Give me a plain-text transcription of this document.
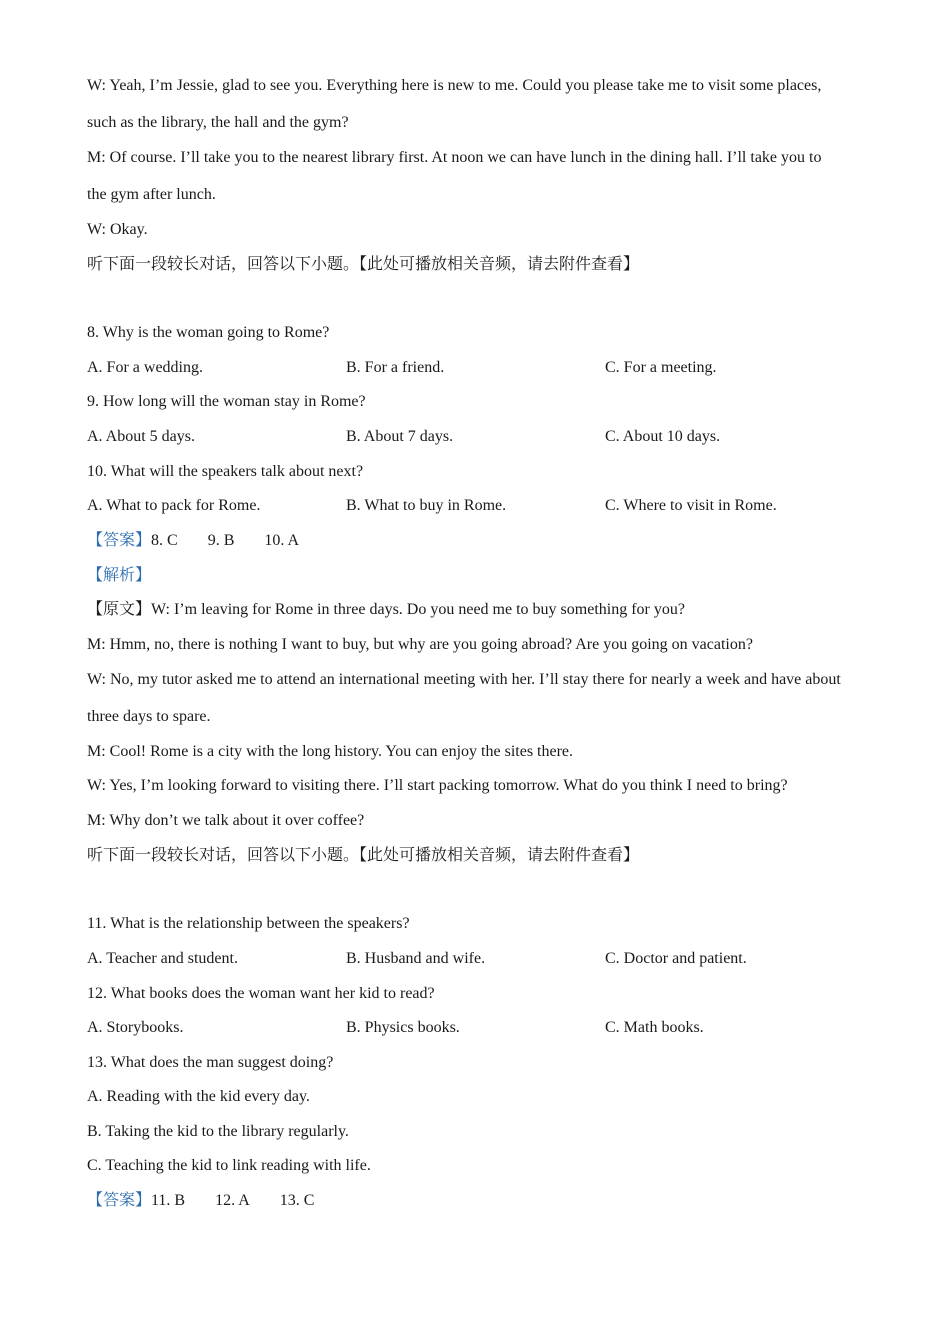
W: Yeah, I’m Jessie, glad to see you. Everything here is new to me. Could you please take me to visit some places,
such as the library, the hall and the gym?
M: Of course. I’ll take you to the nearest library first. At noon we can have lunch in the dining hall. I’ll take you to
the gym after lunch.
W: Okay.
听下面一段较长对话，回答以下小题。【此处可播放相关音频，请去附件查看】
8. Why is the woman going to Rome?
A. For a wedding.	B. For a friend.	C. For a meeting.
9. How long will the woman stay in Rome?
A. About 5 days.	B. About 7 days.	C. About 10 days.
10. What will the speakers talk about next?
A. What to pack for Rome.	B. What to buy in Rome.	C. Where to visit in Rome.
【答案】8. C 9. B 10. A
【解析】
【原文】W: I’m leaving for Rome in three days. Do you need me to buy something for you?
M: Hmm, no, there is nothing I want to buy, but why are you going abroad? Are you going on vacation?
W: No, my tutor asked me to attend an international meeting with her. I’ll stay there for nearly a week and have about
three days to spare.
M: Cool! Rome is a city with the long history. You can enjoy the sites there.
W: Yes, I’m looking forward to visiting there. I’ll start packing tomorrow. What do you think I need to bring?
M: Why don’t we talk about it over coffee?
听下面一段较长对话，回答以下小题。【此处可播放相关音频，请去附件查看】
11. What is the relationship between the speakers?
A. Teacher and student.	B. Husband and wife.	C. Doctor and patient.
12. What books does the woman want her kid to read?
A. Storybooks.	B. Physics books.	C. Math books.
13. What does the man suggest doing?
A. Reading with the kid every day.
B. Taking the kid to the library regularly.
C. Teaching the kid to link reading with life.
【答案】11. B 12. A 13. C
